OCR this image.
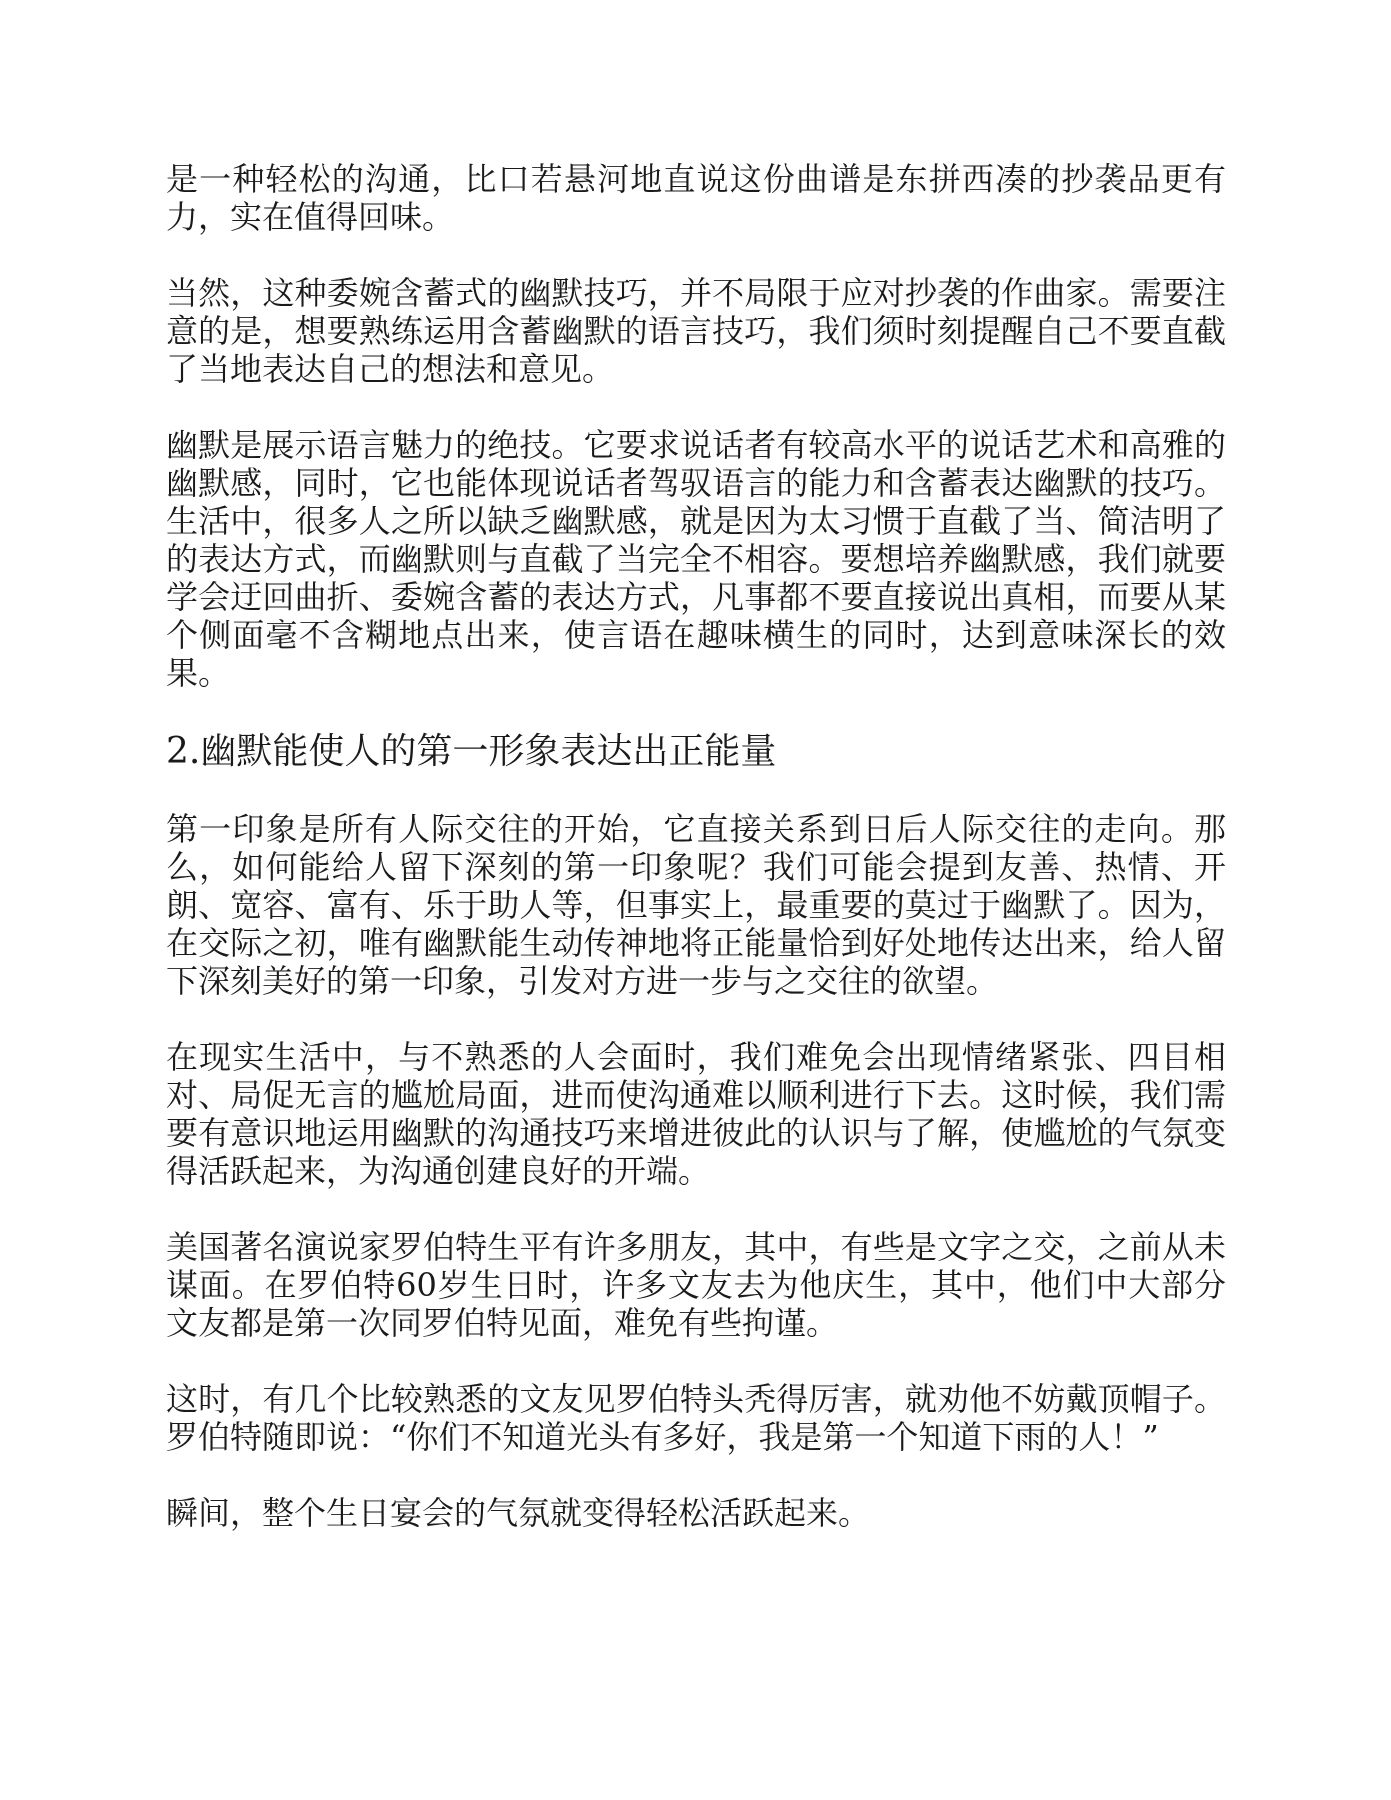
是一种轻松的沟通，比口若悬河地直说这份曲谱是东拼西凑的抄袭品更有力，实在值得回味。

当然，这种委婉含蓄式的幽默技巧，并不局限于应对抄袭的作曲家。需要注意的是，想要熟练运用含蓄幽默的语言技巧，我们须时刻提醒自己不要直截了当地表达自己的想法和意见。

幽默是展示语言魅力的绝技。它要求说话者有较高水平的说话艺术和高雅的幽默感，同时，它也能体现说话者驾驭语言的能力和含蓄表达幽默的技巧。生活中，很多人之所以缺乏幽默感，就是因为太习惯于直截了当、简洁明了的表达方式，而幽默则与直截了当完全不相容。要想培养幽默感，我们就要学会迂回曲折、委婉含蓄的表达方式，凡事都不要直接说出真相，而要从某个侧面毫不含糊地点出来，使言语在趣味横生的同时，达到意味深长的效果。

2.幽默能使人的第一形象表达出正能量

第一印象是所有人际交往的开始，它直接关系到日后人际交往的走向。那么，如何能给人留下深刻的第一印象呢？我们可能会提到友善、热情、开朗、宽容、富有、乐于助人等，但事实上，最重要的莫过于幽默了。因为，在交际之初，唯有幽默能生动传神地将正能量恰到好处地传达出来，给人留下深刻美好的第一印象，引发对方进一步与之交往的欲望。

在现实生活中，与不熟悉的人会面时，我们难免会出现情绪紧张、四目相对、局促无言的尴尬局面，进而使沟通难以顺利进行下去。这时候，我们需要有意识地运用幽默的沟通技巧来增进彼此的认识与了解，使尴尬的气氛变得活跃起来，为沟通创建良好的开端。

美国著名演说家罗伯特生平有许多朋友，其中，有些是文字之交，之前从未谋面。在罗伯特60岁生日时，许多文友去为他庆生，其中，他们中大部分文友都是第一次同罗伯特见面，难免有些拘谨。

这时，有几个比较熟悉的文友见罗伯特头秃得厉害，就劝他不妨戴顶帽子。罗伯特随即说：“你们不知道光头有多好，我是第一个知道下雨的人！”

瞬间，整个生日宴会的气氛就变得轻松活跃起来。
